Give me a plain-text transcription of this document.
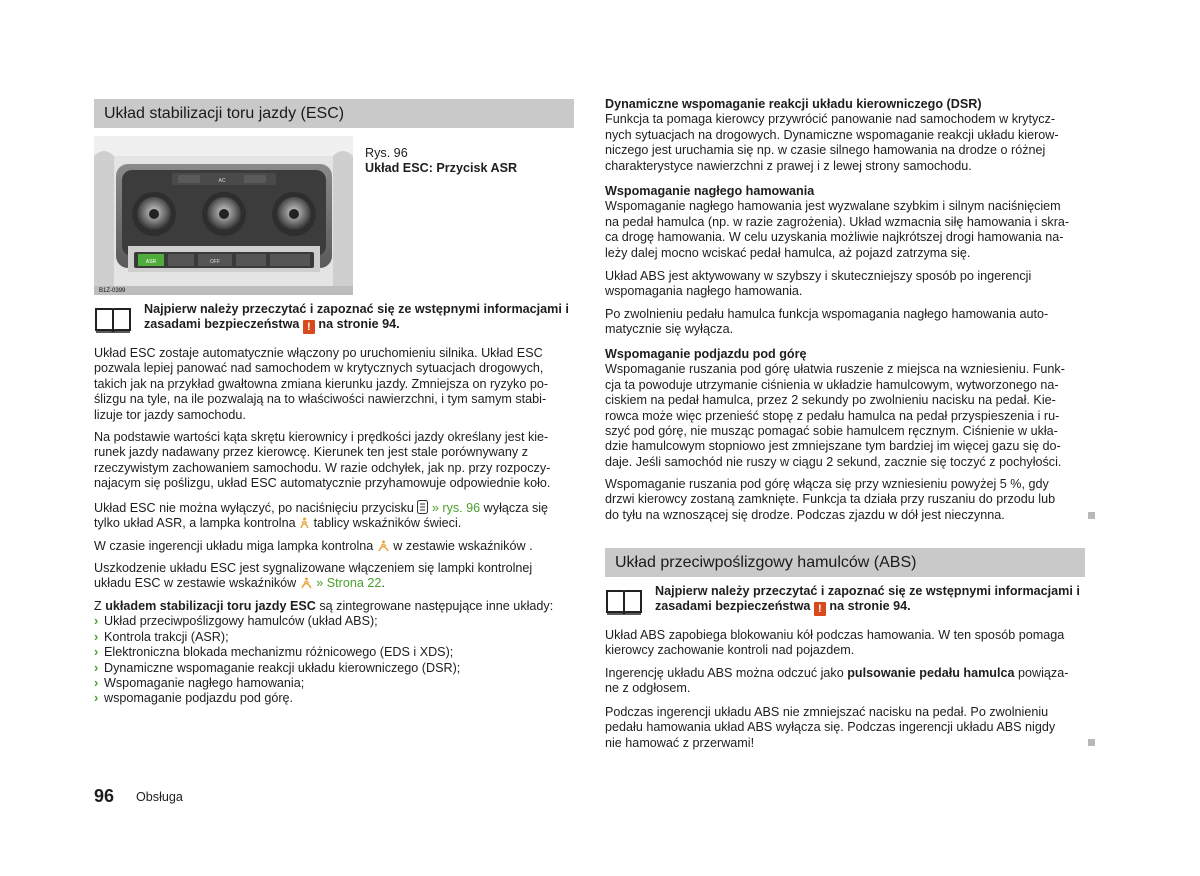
Układ stabilizacji toru jazdy (ESC)
AC
ASR	OFF
B1Z-0399
Rys. 96
Układ ESC: Przycisk ASR
Najpierw należy przeczytać i zapoznać się ze wstępnymi informacjami i
zasadami bezpieczeństwa ! na stronie 94.
Układ ESC zostaje automatycznie włączony po uruchomieniu silnika. Układ ESC
pozwala lepiej panować nad samochodem w krytycznych sytuacjach drogowych,
takich jak na przykład gwałtowna zmiana kierunku jazdy. Zmniejsza on ryzyko po-
ślizgu na tyle, na ile pozwalają na to właściwości nawierzchni, i tym samym stabi-
lizuje tor jazdy samochodu.
Na podstawie wartości kąta skrętu kierownicy i prędkości jazdy określany jest kie-
runek jazdy nadawany przez kierowcę. Kierunek ten jest stale porównywany z
rzeczywistym zachowaniem samochodu. W razie odchyłek, jak np. przy rozpoczy-
najacym się poślizgu, układ ESC automatycznie przyhamowuje odpowiednie koło.
Układ ESC nie można wyłączyć, po naciśnięciu przycisku » rys. 96 wyłącza się
tylko układ ASR, a lampka kontrolna tablicy wskaźników świeci.
W czasie ingerencji układu miga lampka kontrolna w zestawie wskaźników .
Uszkodzenie układu ESC jest sygnalizowane włączeniem się lampki kontrolnej
układu ESC w zestawie wskaźników » Strona 22.
Z układem stabilizacji toru jazdy ESC są zintegrowane następujące inne układy:
› Układ przeciwpoślizgowy hamulców (układ ABS);
› Kontrola trakcji (ASR);
› Elektroniczna blokada mechanizmu różnicowego (EDS i XDS);
› Dynamiczne wspomaganie reakcji układu kierowniczego (DSR);
› Wspomaganie nagłego hamowania;
› wspomaganie podjazdu pod górę.
Dynamiczne wspomaganie reakcji układu kierowniczego (DSR)
Funkcja ta pomaga kierowcy przywrócić panowanie nad samochodem w krytycz-
nych sytuacjach na drogowych. Dynamiczne wspomaganie reakcji układu kierow-
niczego jest uruchamia się np. w czasie silnego hamowania na drodze o różnej
charakterystyce nawierzchni z prawej i z lewej strony samochodu.
Wspomaganie nagłego hamowania
Wspomaganie nagłego hamowania jest wyzwalane szybkim i silnym naciśnięciem
na pedał hamulca (np. w razie zagrożenia). Układ wzmacnia siłę hamowania i skra-
ca drogę hamowania. W celu uzyskania możliwie najkrótszej drogi hamowania na-
leży dalej mocno wciskać pedał hamulca, aż pojazd zatrzyma się.
Układ ABS jest aktywowany w szybszy i skuteczniejszy sposób po ingerencji
wspomagania nagłego hamowania.
Po zwolnieniu pedału hamulca funkcja wspomagania nagłego hamowania auto-
matycznie się wyłącza.
Wspomaganie podjazdu pod górę
Wspomaganie ruszania pod górę ułatwia ruszenie z miejsca na wzniesieniu. Funk-
cja ta powoduje utrzymanie ciśnienia w układzie hamulcowym, wytworzonego na-
ciskiem na pedał hamulca, przez 2 sekundy po zwolnieniu nacisku na pedał. Kie-
rowca może więc przenieść stopę z pedału hamulca na pedał przyspieszenia i ru-
szyć pod górę, nie musząc pomagać sobie hamulcem ręcznym. Ciśnienie w ukła-
dzie hamulcowym stopniowo jest zmniejszane tym bardziej im więcej gazu się do-
daje. Jeśli samochód nie ruszy w ciągu 2 sekund, zacznie się toczyć z pochyłości.
Wspomaganie ruszania pod górę włącza się przy wzniesieniu powyżej 5 %, gdy
drzwi kierowcy zostaną zamknięte. Funkcja ta działa przy ruszaniu do przodu lub
do tyłu na wznoszącej się drodze. Podczas zjazdu w dół jest nieczynna.
Układ przeciwpoślizgowy hamulców (ABS)
Najpierw należy przeczytać i zapoznać się ze wstępnymi informacjami i
zasadami bezpieczeństwa ! na stronie 94.
Układ ABS zapobiega blokowaniu kół podczas hamowania. W ten sposób pomaga
kierowcy zachowanie kontroli nad pojazdem.
Ingerencję układu ABS można odczuć jako pulsowanie pedału hamulca powiąza-
ne z odgłosem.
Podczas ingerencji układu ABS nie zmniejszać nacisku na pedał. Po zwolnieniu
pedału hamowania układ ABS wyłącza się. Podczas ingerencji układu ABS nigdy
nie hamować z przerwami!
96 Obsługa
